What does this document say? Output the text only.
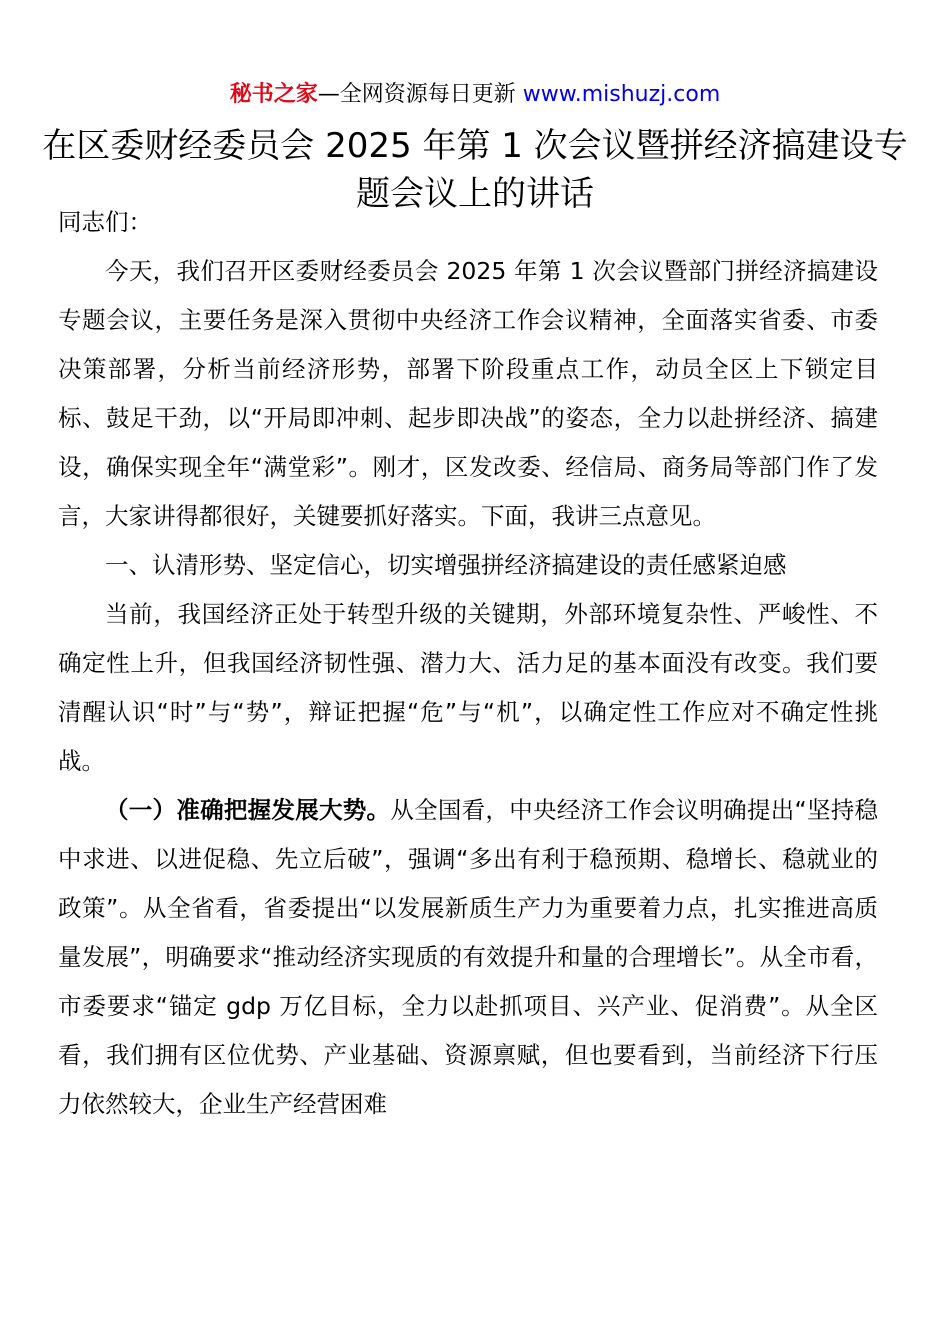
秘书之家—全网资源每日更新 www.mishuzj.com
在区委财经委员会 2025 年第 1 次会议暨拼经济搞建设专题会议上的讲话

同志们：

今天，我们召开区委财经委员会 2025 年第 1 次会议暨部门拼经济搞建设专题会议，主要任务是深入贯彻中央经济工作会议精神，全面落实省委、市委决策部署，分析当前经济形势，部署下阶段重点工作，动员全区上下锁定目标、鼓足干劲，以“开局即冲刺、起步即决战”的姿态，全力以赴拼经济、搞建设，确保实现全年“满堂彩”。刚才，区发改委、经信局、商务局等部门作了发言，大家讲得都很好，关键要抓好落实。下面，我讲三点意见。

一、认清形势、坚定信心，切实增强拼经济搞建设的责任感紧迫感

当前，我国经济正处于转型升级的关键期，外部环境复杂性、严峻性、不确定性上升，但我国经济韧性强、潜力大、活力足的基本面没有改变。我们要清醒认识“时”与“势”，辩证把握“危”与“机”，以确定性工作应对不确定性挑战。

（一）准确把握发展大势。从全国看，中央经济工作会议明确提出“坚持稳中求进、以进促稳、先立后破”，强调“多出有利于稳预期、稳增长、稳就业的政策”。从全省看，省委提出“以发展新质生产力为重要着力点，扎实推进高质量发展”，明确要求“推动经济实现质的有效提升和量的合理增长”。从全市看，市委要求“锚定 gdp 万亿目标，全力以赴抓项目、兴产业、促消费”。从全区看，我们拥有区位优势、产业基础、资源禀赋，但也要看到，当前经济下行压力依然较大，企业生产经营困难
